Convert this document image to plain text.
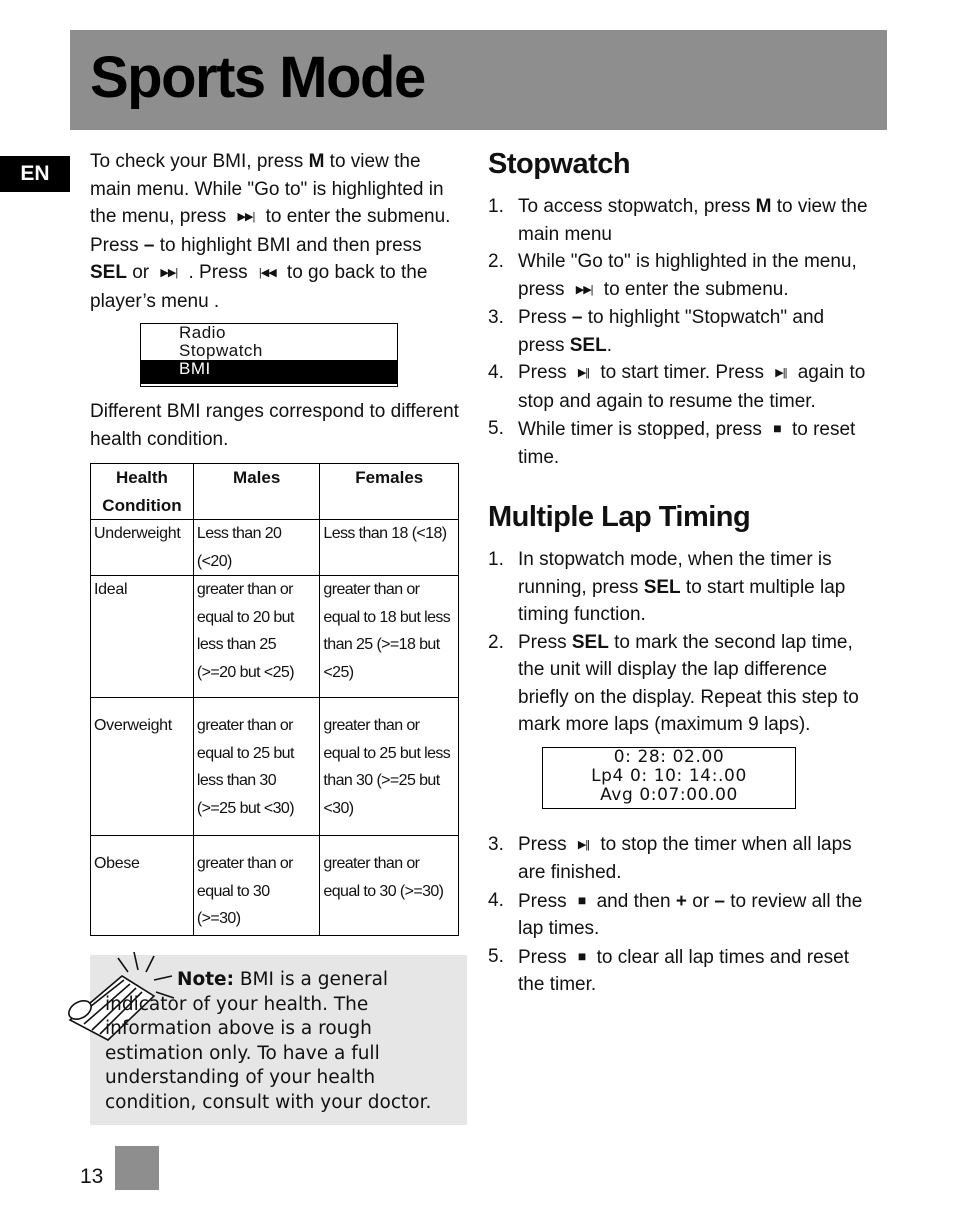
Sports Mode
EN

To check your BMI, press M to view the main menu. While "Go to" is highlighted in the menu, press ▶▶| to enter the submenu. Press – to highlight BMI and then press SEL or ▶▶| . Press |◀◀ to go back to the player’s menu .

Radio
Stopwatch
BMI

Different BMI ranges correspond to different health condition.

Health Condition	Males	Females
Underweight	Less than 20 (<20)	Less than 18 (<18)
Ideal	greater than or equal to 20 but less than 25 (>=20 but <25)	greater than or equal to 18 but less than 25 (>=18 but <25)
Overweight	greater than or equal to 25 but less than 30 (>=25 but <30)	greater than or equal to 25 but less than 30 (>=25 but <30)
Obese	greater than or equal to 30 (>=30)	greater than or equal to 30 (>=30)
Note: BMI is a general indicator of your health. The information above is a rough estimation only. To have a full understanding of your health condition, consult with your doctor.
Stopwatch
1. To access stopwatch, press M to view the main menu
2. While "Go to" is highlighted in the menu, press ▶▶| to enter the submenu.
3. Press – to highlight "Stopwatch" and press SEL.
4. Press ▶|| to start timer. Press ▶|| again to stop and again to resume the timer.
5. While timer is stopped, press ■ to reset time.
Multiple Lap Timing
1. In stopwatch mode, when the timer is running, press SEL to start multiple lap timing function.
2. Press SEL to mark the second lap time, the unit will display the lap difference briefly on the display. Repeat this step to mark more laps (maximum 9 laps).
0: 28: 02.00
Lp4 0: 10: 14:.00
Avg 0:07:00.00
3. Press ▶|| to stop the timer when all laps are finished.
4. Press ■ and then + or – to review all the lap times.
5. Press ■ to clear all lap times and reset the timer.
13
